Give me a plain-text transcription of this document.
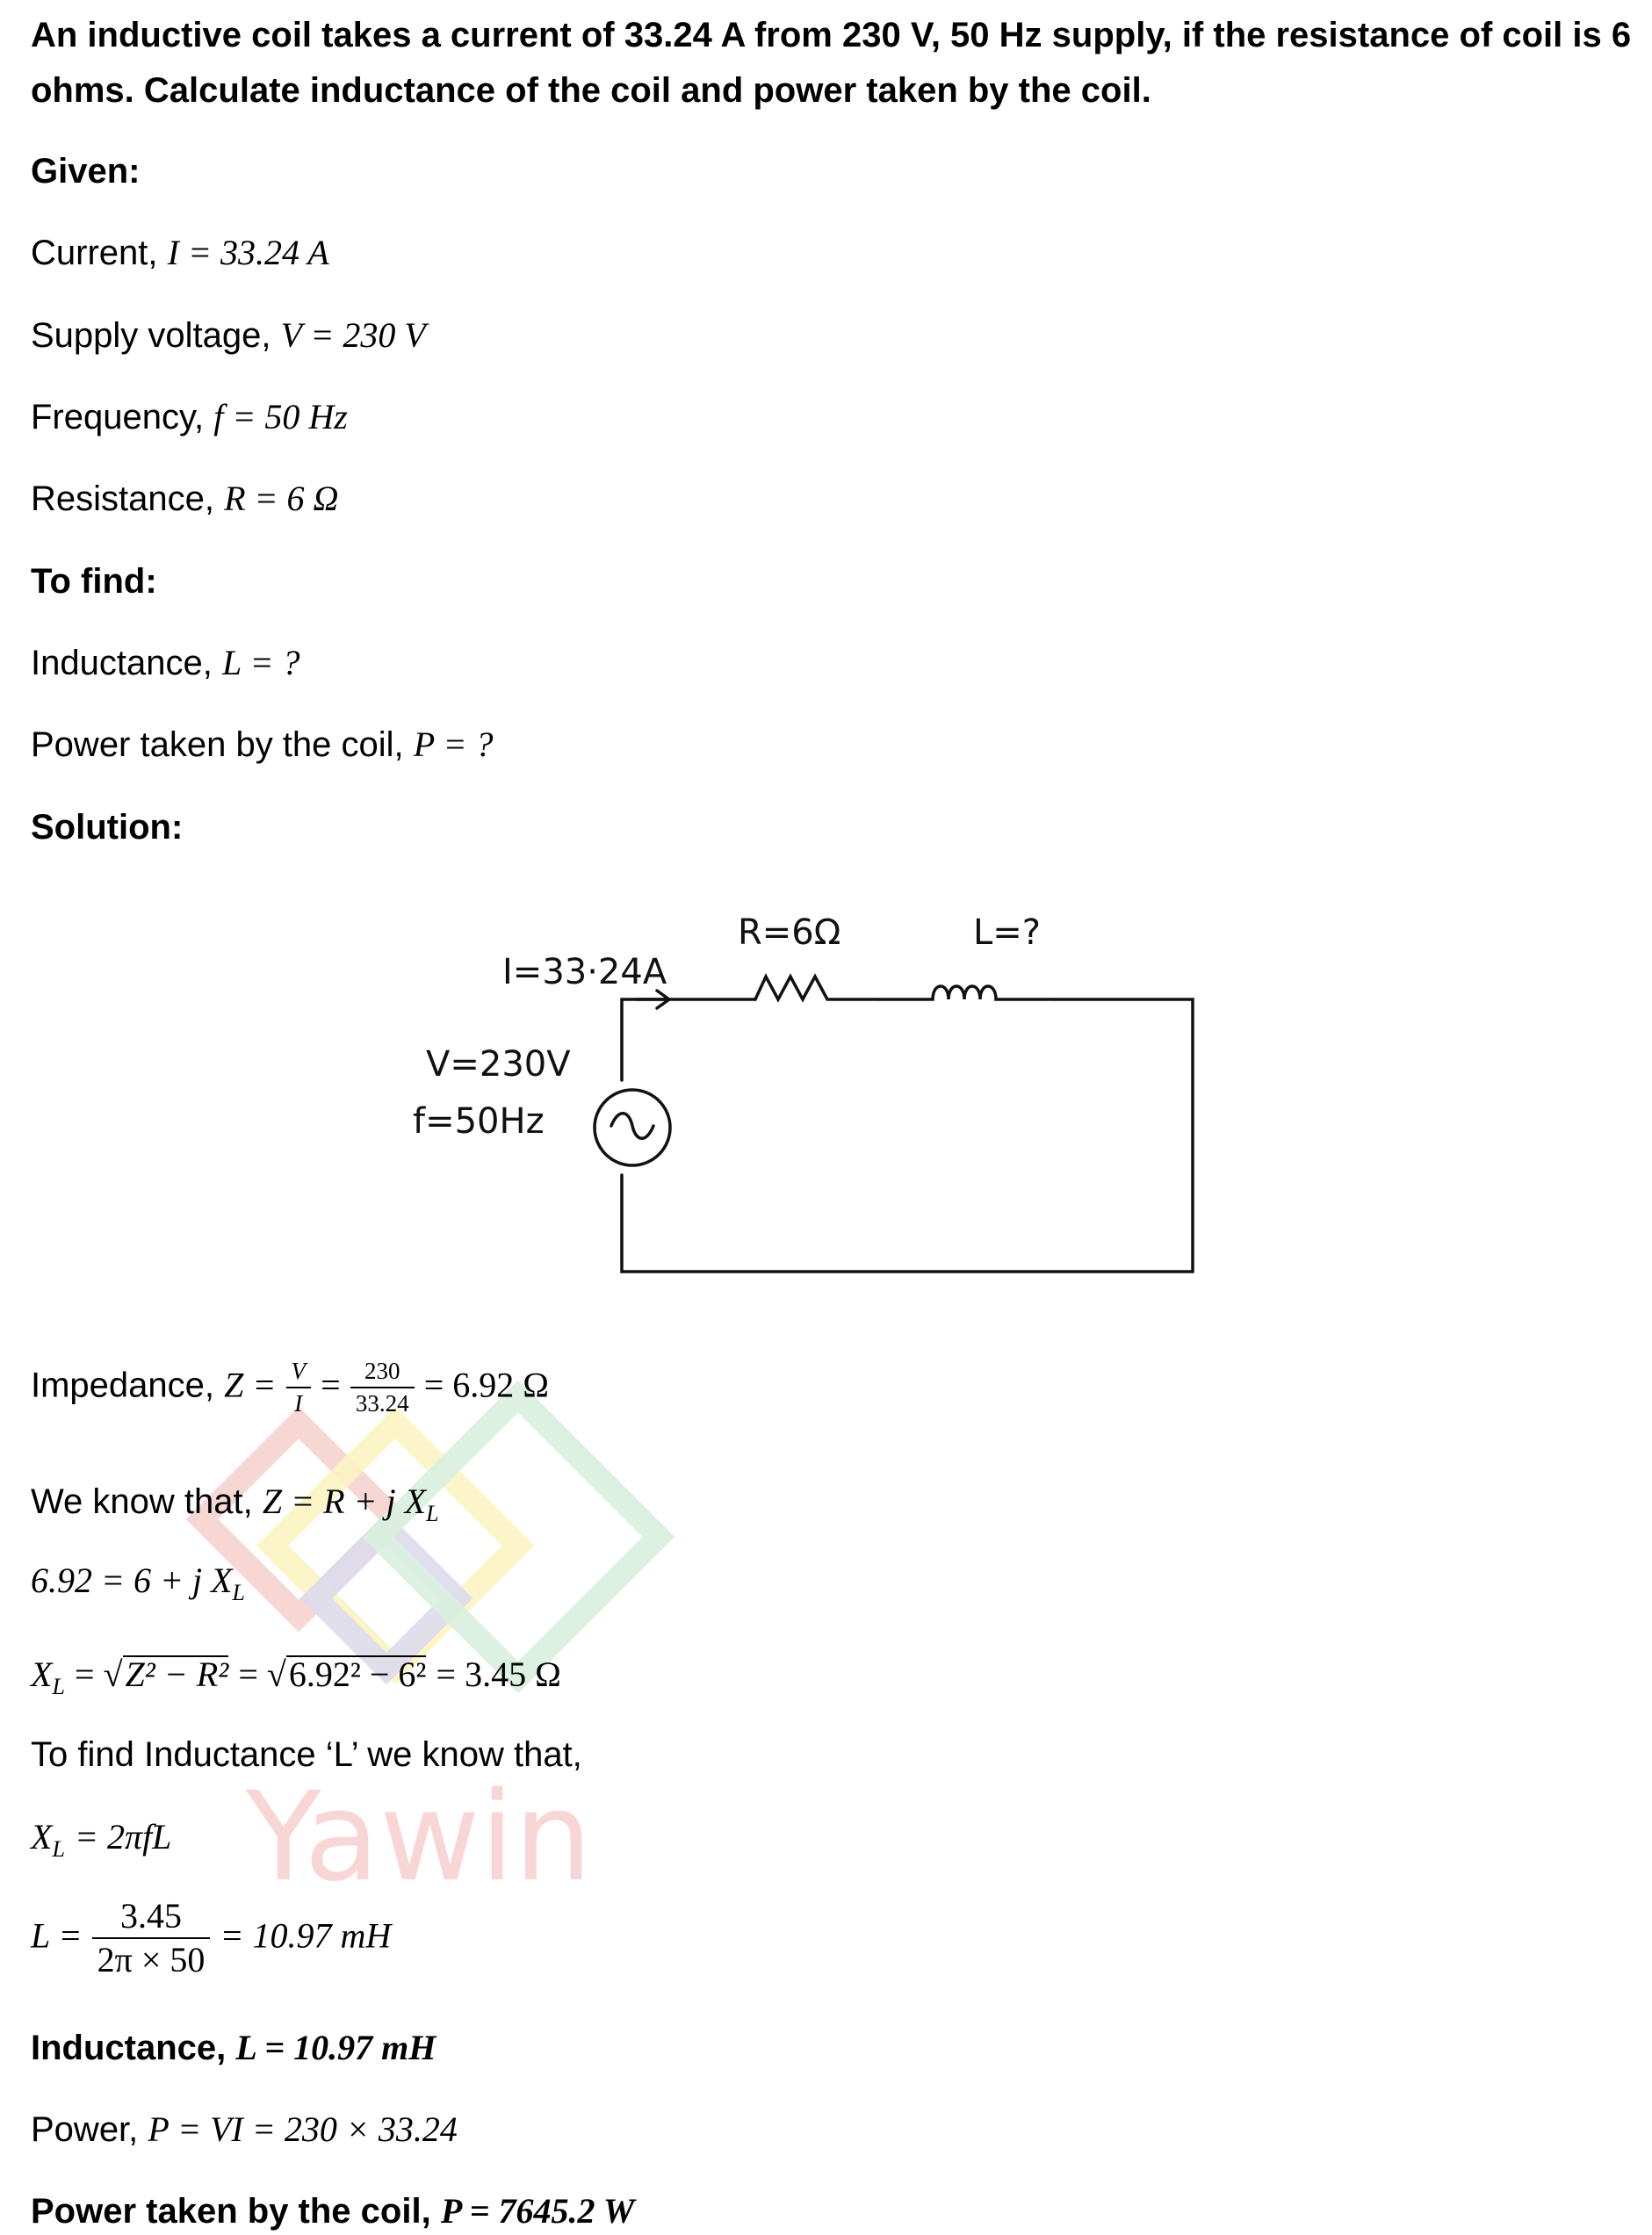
Yawin
An inductive coil takes a current of 33.24 A from 230 V, 50 Hz supply, if the resistance of coil is 6
ohms. Calculate inductance of the coil and power taken by the coil.
Given:
Current, I = 33.24 A
Supply voltage, V = 230 V
Frequency, f = 50 Hz
Resistance, R = 6 Ω
To find:
Inductance, L = ?
Power taken by the coil, P = ?
Solution:
I=33·24A
R=6Ω	L=?
V=230V
f=50Hz
Impedance, $Z = \frac{V}{I} = \frac{230}{33.24} = 6.92$ Ω
We know that, Z = R + j $X_L$
6.92 = 6 + j $X_L$
$X_L = √Z^2 - R^2 = √6.92^2 - 6^2 = 3.45$ Ω
To find Inductance ‘L’ we know that,
$X_L = 2\pi fL$
$L = \frac{3.45}{2\pi \times 50} = 10.97$ mH
Inductance, L = 10.97 mH
Power, P = VI = 230 × 33.24
Power taken by the coil, P = 7645.2 W
